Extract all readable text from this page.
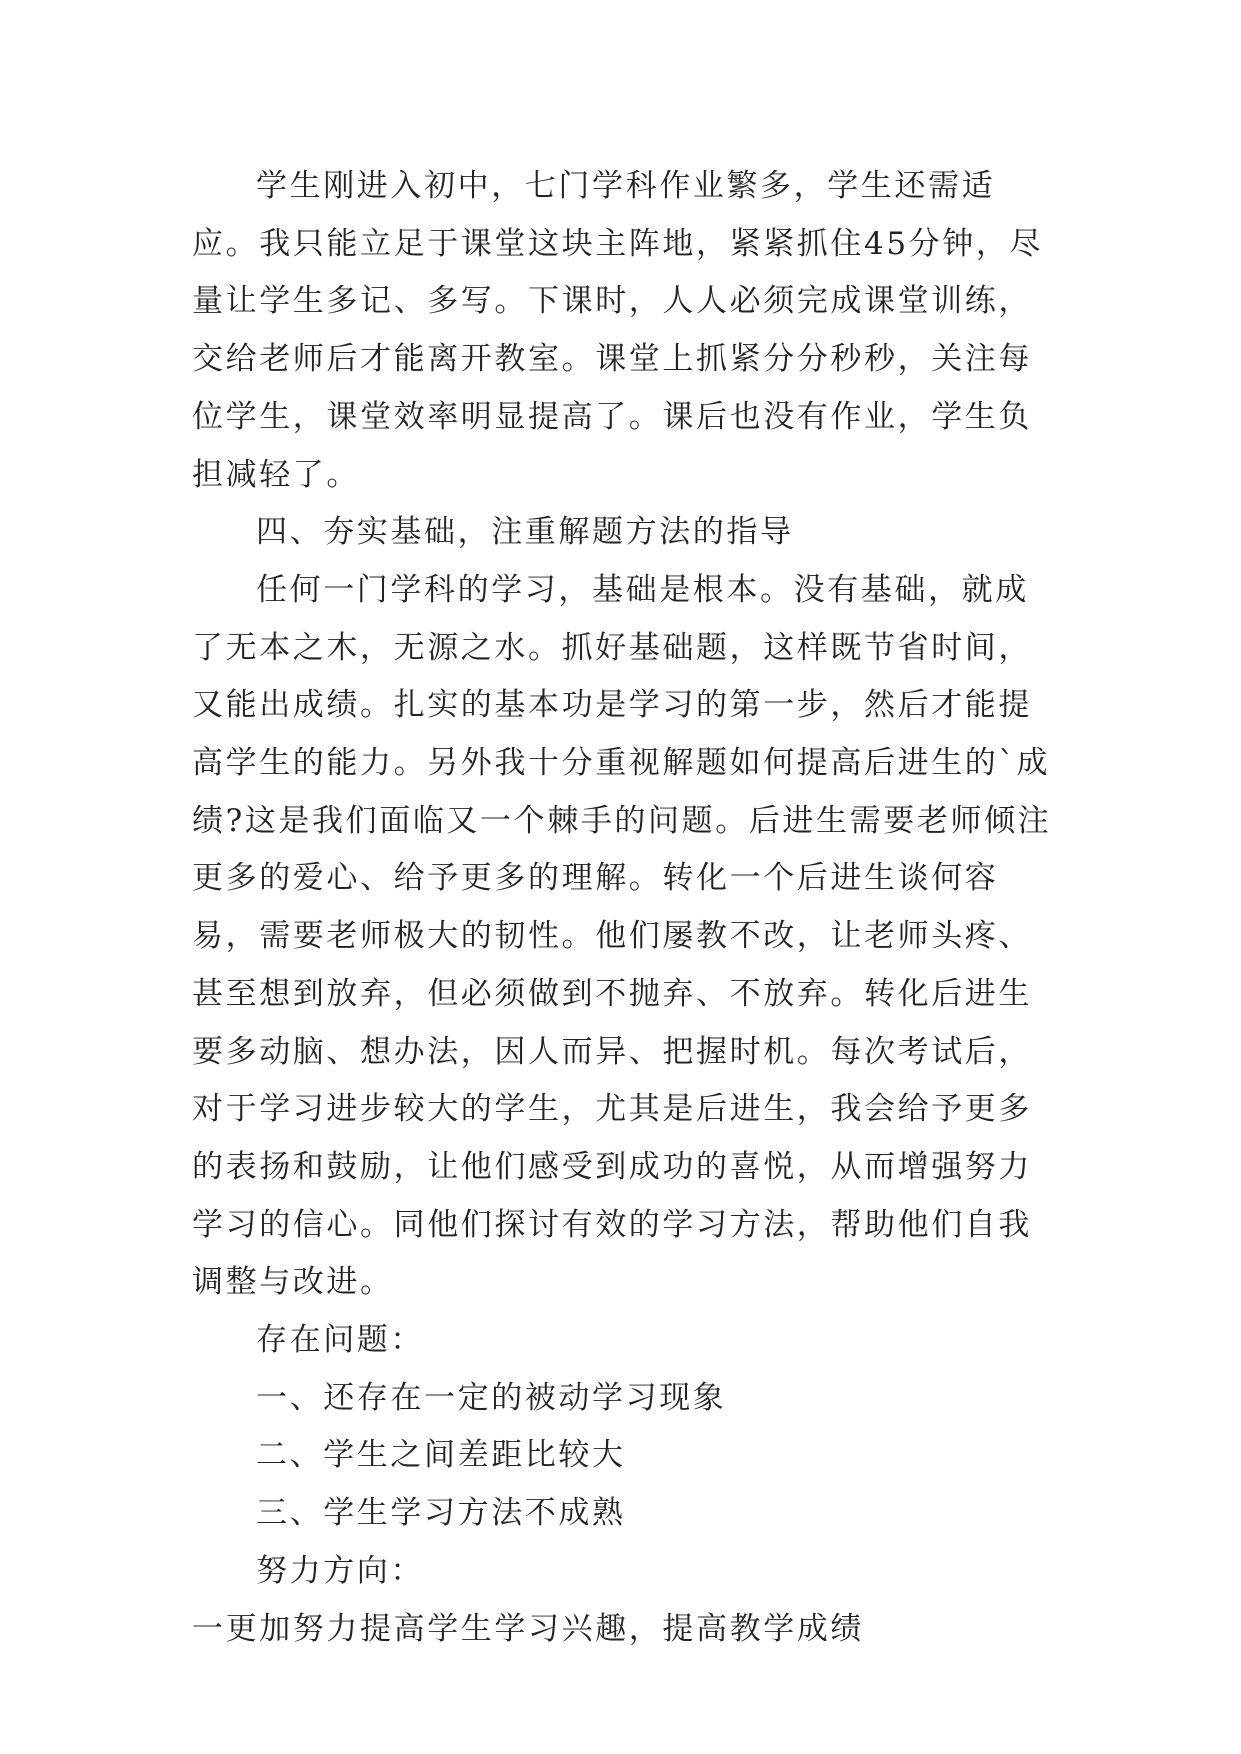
学生刚进入初中，七门学科作业繁多，学生还需适应。我只能立足于课堂这块主阵地，紧紧抓住45分钟，尽量让学生多记、多写。下课时，人人必须完成课堂训练，交给老师后才能离开教室。课堂上抓紧分分秒秒，关注每位学生，课堂效率明显提高了。课后也没有作业，学生负担减轻了。

四、夯实基础，注重解题方法的指导

任何一门学科的学习，基础是根本。没有基础，就成了无本之木，无源之水。抓好基础题，这样既节省时间，又能出成绩。扎实的基本功是学习的第一步，然后才能提高学生的能力。另外我十分重视解题如何提高后进生的`成绩?这是我们面临又一个棘手的问题。后进生需要老师倾注更多的爱心、给予更多的理解。转化一个后进生谈何容易，需要老师极大的韧性。他们屡教不改，让老师头疼、甚至想到放弃，但必须做到不抛弃、不放弃。转化后进生要多动脑、想办法，因人而异、把握时机。每次考试后，对于学习进步较大的学生，尤其是后进生，我会给予更多的表扬和鼓励，让他们感受到成功的喜悦，从而增强努力学习的信心。同他们探讨有效的学习方法，帮助他们自我调整与改进。

存在问题：

一、还存在一定的被动学习现象

二、学生之间差距比较大

三、学生学习方法不成熟

努力方向：

一更加努力提高学生学习兴趣，提高教学成绩
